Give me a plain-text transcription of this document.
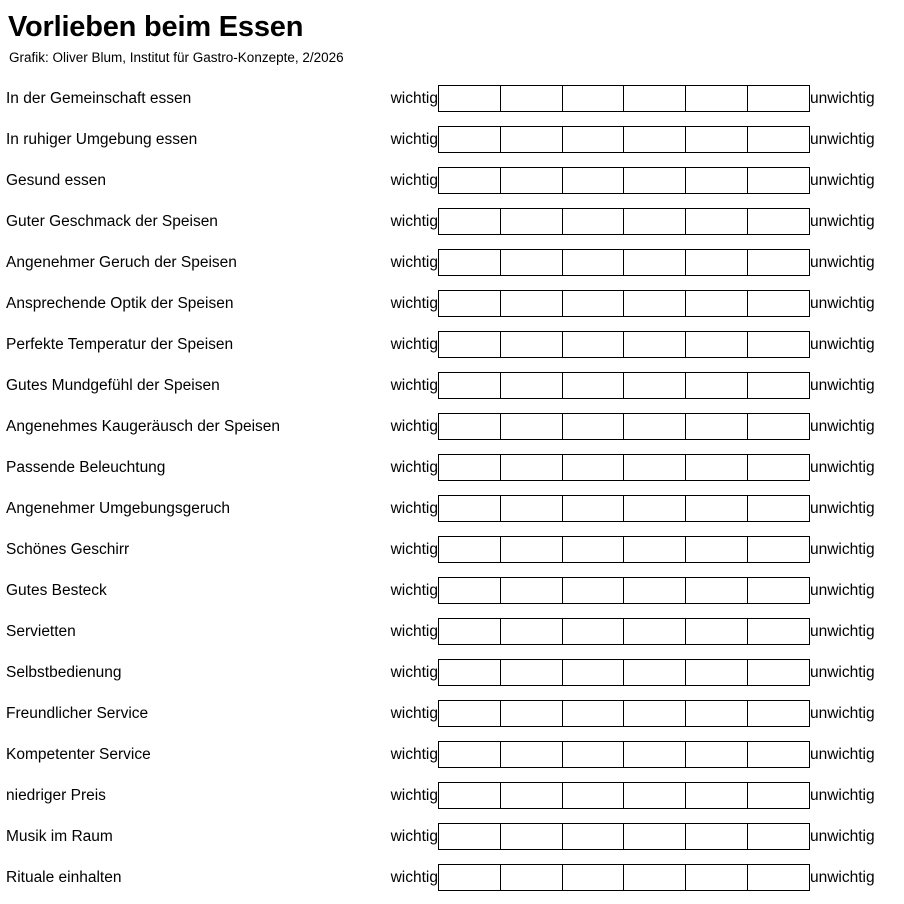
Vorlieben beim Essen
Grafik: Oliver Blum, Institut für Gastro-Konzepte, 2/2026
In der Gemeinschaft essen	wichtig		unwichtig
In ruhiger Umgebung essen	wichtig		unwichtig
Gesund essen	wichtig		unwichtig
Guter Geschmack der Speisen	wichtig		unwichtig
Angenehmer Geruch der Speisen	wichtig		unwichtig
Ansprechende Optik der Speisen	wichtig		unwichtig
Perfekte Temperatur der Speisen	wichtig		unwichtig
Gutes Mundgefühl der Speisen	wichtig		unwichtig
Angenehmes Kaugeräusch der Speisen	wichtig		unwichtig
Passende Beleuchtung	wichtig		unwichtig
Angenehmer Umgebungsgeruch	wichtig		unwichtig
Schönes Geschirr	wichtig		unwichtig
Gutes Besteck	wichtig		unwichtig
Servietten	wichtig		unwichtig
Selbstbedienung	wichtig		unwichtig
Freundlicher Service	wichtig		unwichtig
Kompetenter Service	wichtig		unwichtig
niedriger Preis	wichtig		unwichtig
Musik im Raum	wichtig		unwichtig
Rituale einhalten	wichtig		unwichtig
